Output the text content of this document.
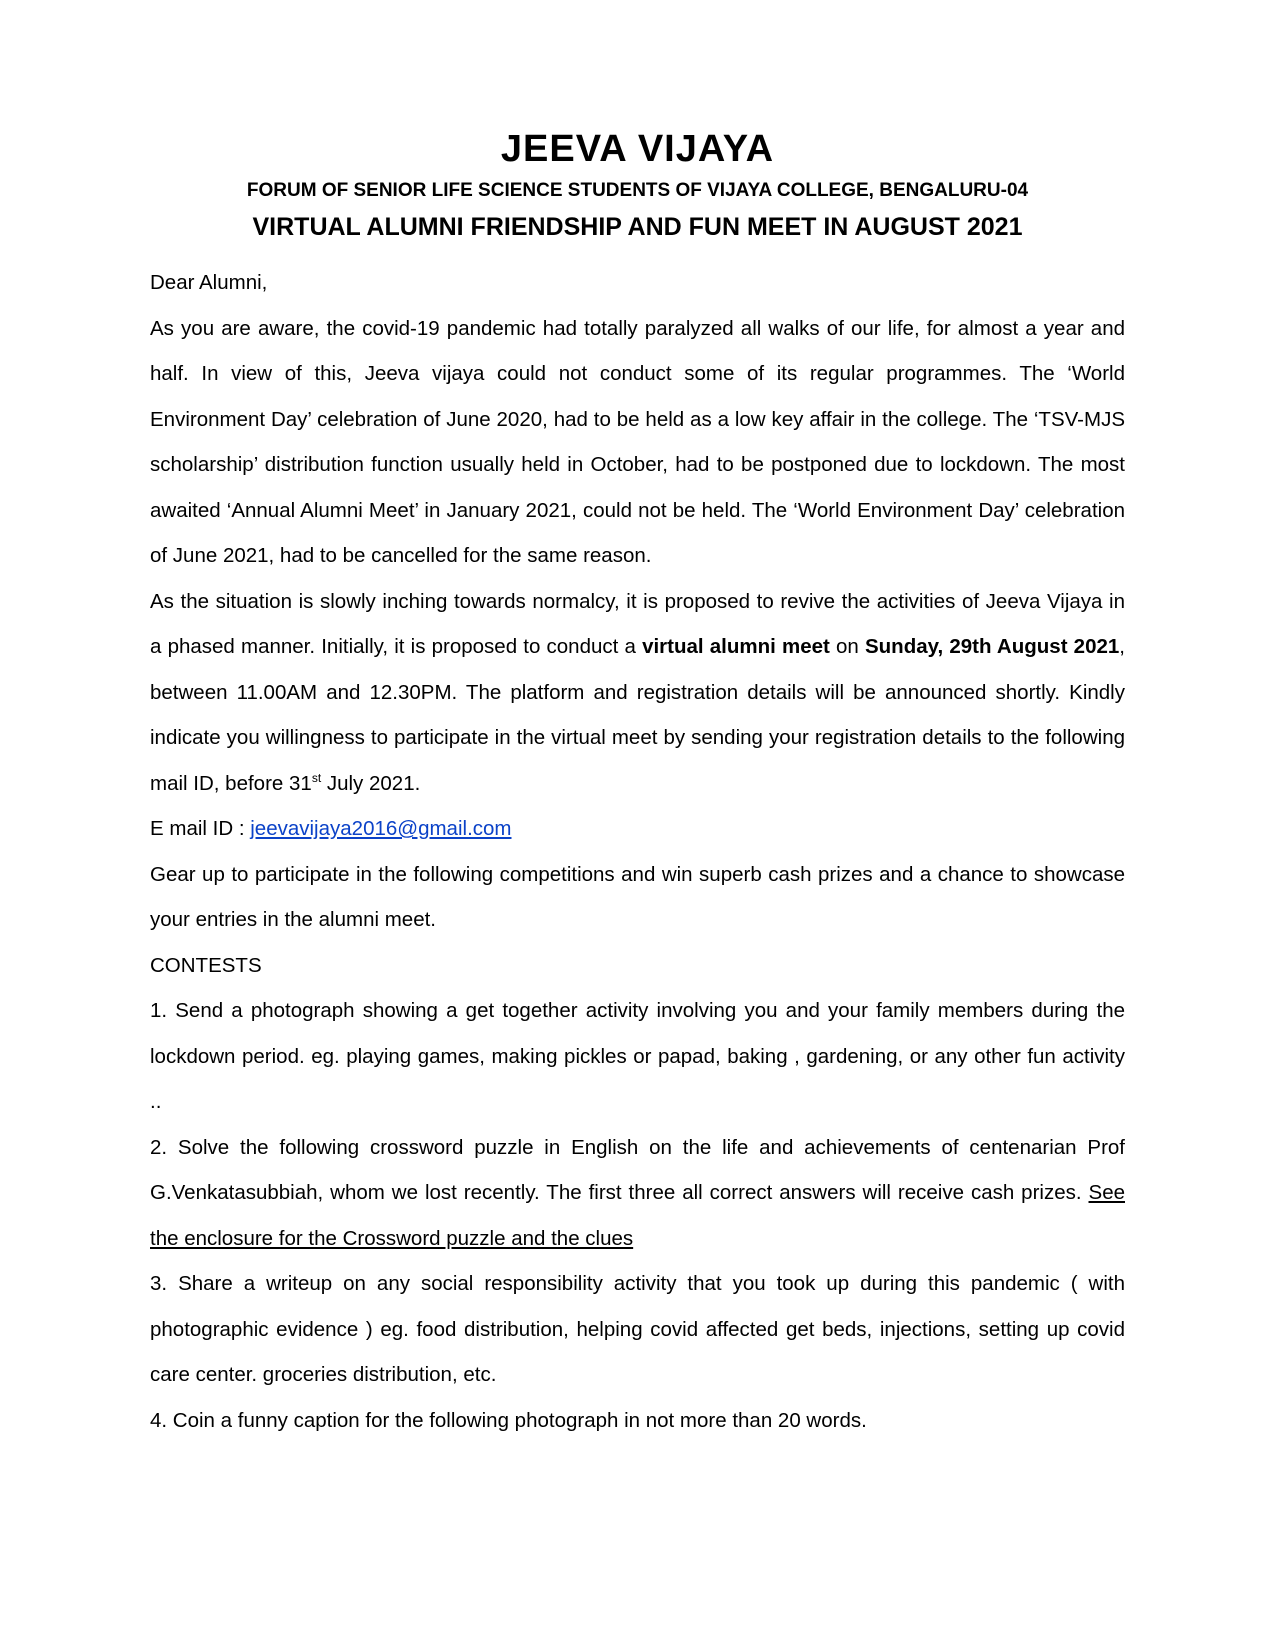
JEEVA VIJAYA
FORUM OF SENIOR LIFE SCIENCE STUDENTS OF VIJAYA COLLEGE, BENGALURU-04
VIRTUAL ALUMNI FRIENDSHIP AND FUN MEET IN AUGUST 2021

Dear Alumni,

As you are aware, the covid-19 pandemic had totally paralyzed all walks of our life, for almost a year and half. In view of this, Jeeva vijaya could not conduct some of its regular programmes. The ‘World Environment Day’ celebration of June 2020, had to be held as a low key affair in the college. The ‘TSV-MJS scholarship’ distribution function usually held in October, had to be postponed due to lockdown. The most awaited ‘Annual Alumni Meet’ in January 2021, could not be held. The ‘World Environment Day’ celebration of June 2021, had to be cancelled for the same reason.

As the situation is slowly inching towards normalcy, it is proposed to revive the activities of Jeeva Vijaya in a phased manner. Initially, it is proposed to conduct a virtual alumni meet on Sunday, 29th August 2021, between 11.00AM and 12.30PM. The platform and registration details will be announced shortly. Kindly indicate you willingness to participate in the virtual meet by sending your registration details to the following mail ID, before 31st July 2021.

E mail ID : jeevavijaya2016@gmail.com

Gear up to participate in the following competitions and win superb cash prizes and a chance to showcase your entries in the alumni meet.

CONTESTS

1. Send a photograph showing a get together activity involving you and your family members during the lockdown period. eg. playing games, making pickles or papad, baking , gardening, or any other fun activity ..

2. Solve the following crossword puzzle in English on the life and achievements of centenarian Prof G.Venkatasubbiah, whom we lost recently. The first three all correct answers will receive cash prizes. See the enclosure for the Crossword puzzle and the clues

3. Share a writeup on any social responsibility activity that you took up during this pandemic ( with photographic evidence ) eg. food distribution, helping covid affected get beds, injections, setting up covid care center. groceries distribution, etc.

4. Coin a funny caption for the following photograph in not more than 20 words.
